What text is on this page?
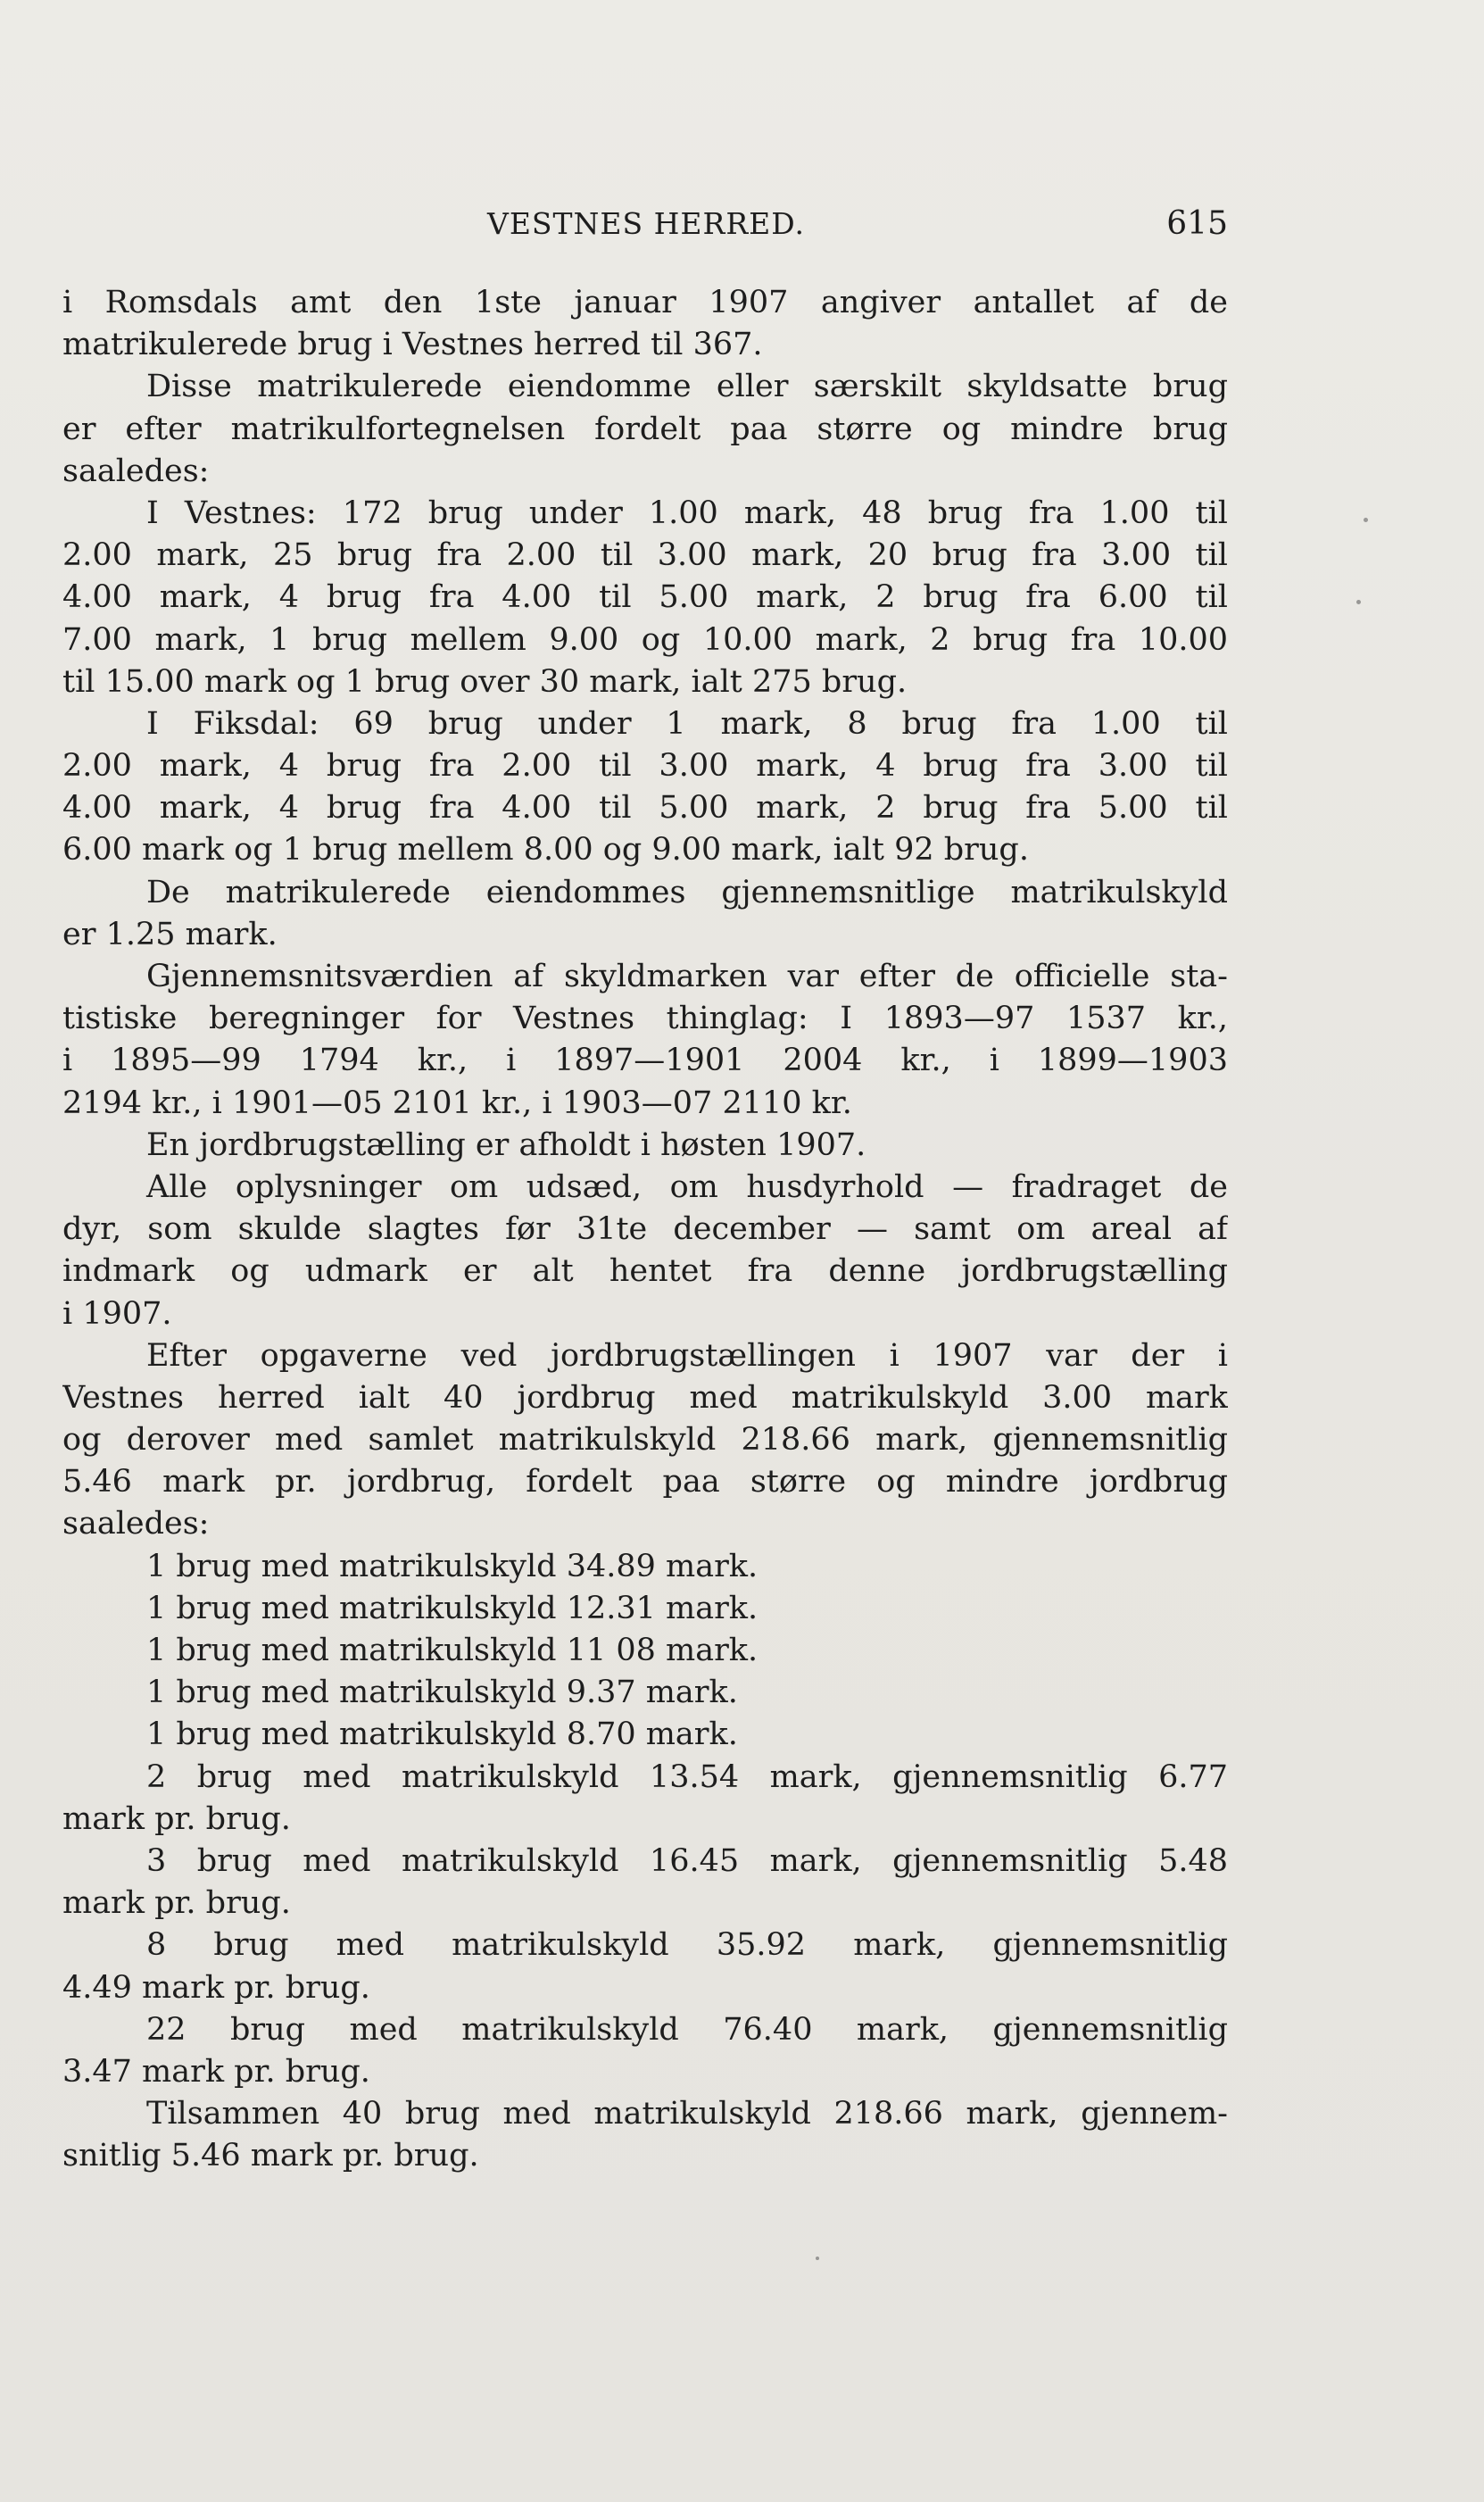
VESTNES HERRED.	615
i Romsdals amt den 1ste januar 1907 angiver antallet af de
matrikulerede brug i Vestnes herred til 367.
Disse matrikulerede eiendomme eller særskilt skyldsatte brug
er efter matrikulfortegnelsen fordelt paa større og mindre brug
saaledes:
I Vestnes: 172 brug under 1.00 mark, 48 brug fra 1.00 til
2.00 mark, 25 brug fra 2.00 til 3.00 mark, 20 brug fra 3.00 til
4.00 mark, 4 brug fra 4.00 til 5.00 mark, 2 brug fra 6.00 til
7.00 mark, 1 brug mellem 9.00 og 10.00 mark, 2 brug fra 10.00
til 15.00 mark og 1 brug over 30 mark, ialt 275 brug.
I Fiksdal: 69 brug under 1 mark, 8 brug fra 1.00 til
2.00 mark, 4 brug fra 2.00 til 3.00 mark, 4 brug fra 3.00 til
4.00 mark, 4 brug fra 4.00 til 5.00 mark, 2 brug fra 5.00 til
6.00 mark og 1 brug mellem 8.00 og 9.00 mark, ialt 92 brug.
De matrikulerede eiendommes gjennemsnitlige matrikulskyld
er 1.25 mark.
Gjennemsnitsværdien af skyldmarken var efter de officielle sta-
tistiske beregninger for Vestnes thinglag: I 1893—97 1537 kr.,
i 1895—99 1794 kr., i 1897—1901 2004 kr., i 1899—1903
2194 kr., i 1901—05 2101 kr., i 1903—07 2110 kr.
En jordbrugstælling er afholdt i høsten 1907.
Alle oplysninger om udsæd, om husdyrhold — fradraget de
dyr, som skulde slagtes før 31te december — samt om areal af
indmark og udmark er alt hentet fra denne jordbrugstælling
i 1907.
Efter opgaverne ved jordbrugstællingen i 1907 var der i
Vestnes herred ialt 40 jordbrug med matrikulskyld 3.00 mark
og derover med samlet matrikulskyld 218.66 mark, gjennemsnitlig
5.46 mark pr. jordbrug, fordelt paa større og mindre jordbrug
saaledes:
1 brug med matrikulskyld 34.89 mark.
1 brug med matrikulskyld 12.31 mark.
1 brug med matrikulskyld 11 08 mark.
1 brug med matrikulskyld 9.37 mark.
1 brug med matrikulskyld 8.70 mark.
2 brug med matrikulskyld 13.54 mark, gjennemsnitlig 6.77
mark pr. brug.
3 brug med matrikulskyld 16.45 mark, gjennemsnitlig 5.48
mark pr. brug.
8 brug med matrikulskyld 35.92 mark, gjennemsnitlig
4.49 mark pr. brug.
22 brug med matrikulskyld 76.40 mark, gjennemsnitlig
3.47 mark pr. brug.
Tilsammen 40 brug med matrikulskyld 218.66 mark, gjennem-
snitlig 5.46 mark pr. brug.
